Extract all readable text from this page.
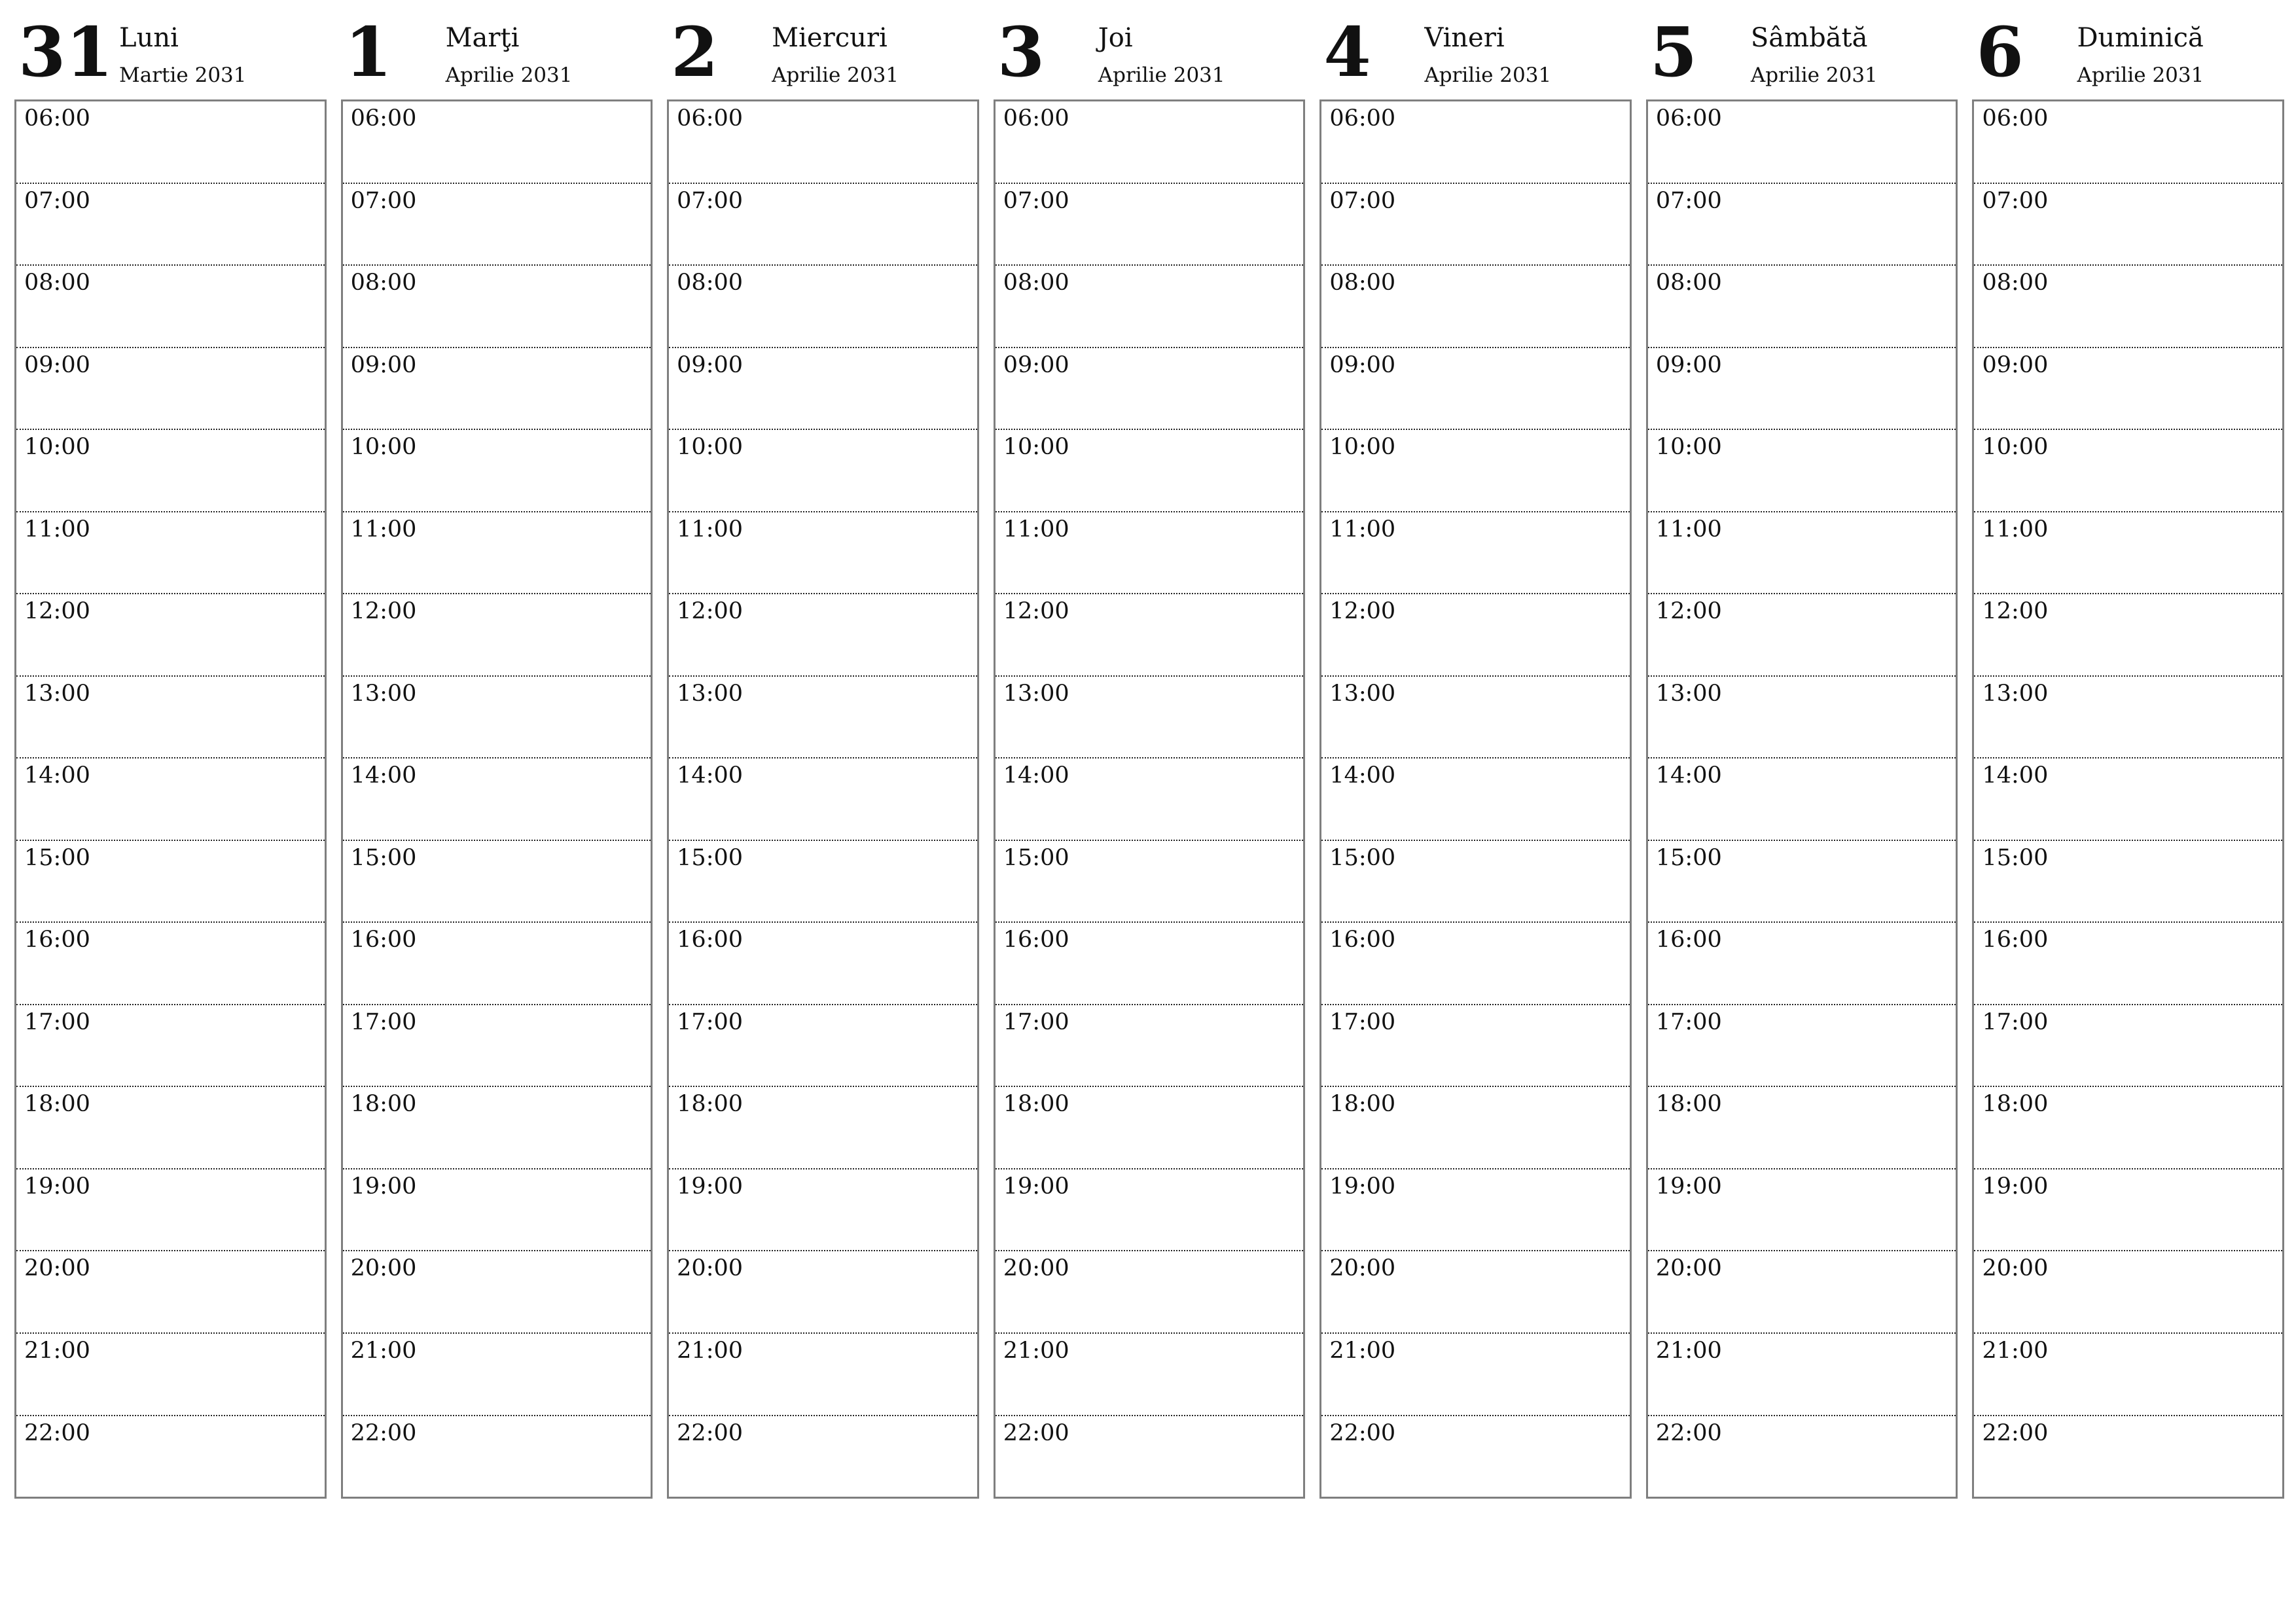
31 Luni
Martie 2031
06:00
07:00
08:00
09:00
10:00
11:00
12:00
13:00
14:00
15:00
16:00
17:00
18:00
19:00
20:00
21:00
22:00
1 Marţi
Aprilie 2031
06:00
07:00
08:00
09:00
10:00
11:00
12:00
13:00
14:00
15:00
16:00
17:00
18:00
19:00
20:00
21:00
22:00
2 Miercuri
Aprilie 2031
06:00
07:00
08:00
09:00
10:00
11:00
12:00
13:00
14:00
15:00
16:00
17:00
18:00
19:00
20:00
21:00
22:00
3 Joi
Aprilie 2031
06:00
07:00
08:00
09:00
10:00
11:00
12:00
13:00
14:00
15:00
16:00
17:00
18:00
19:00
20:00
21:00
22:00
4 Vineri
Aprilie 2031
06:00
07:00
08:00
09:00
10:00
11:00
12:00
13:00
14:00
15:00
16:00
17:00
18:00
19:00
20:00
21:00
22:00
5 Sâmbătă
Aprilie 2031
06:00
07:00
08:00
09:00
10:00
11:00
12:00
13:00
14:00
15:00
16:00
17:00
18:00
19:00
20:00
21:00
22:00
6 Duminică
Aprilie 2031
06:00
07:00
08:00
09:00
10:00
11:00
12:00
13:00
14:00
15:00
16:00
17:00
18:00
19:00
20:00
21:00
22:00
